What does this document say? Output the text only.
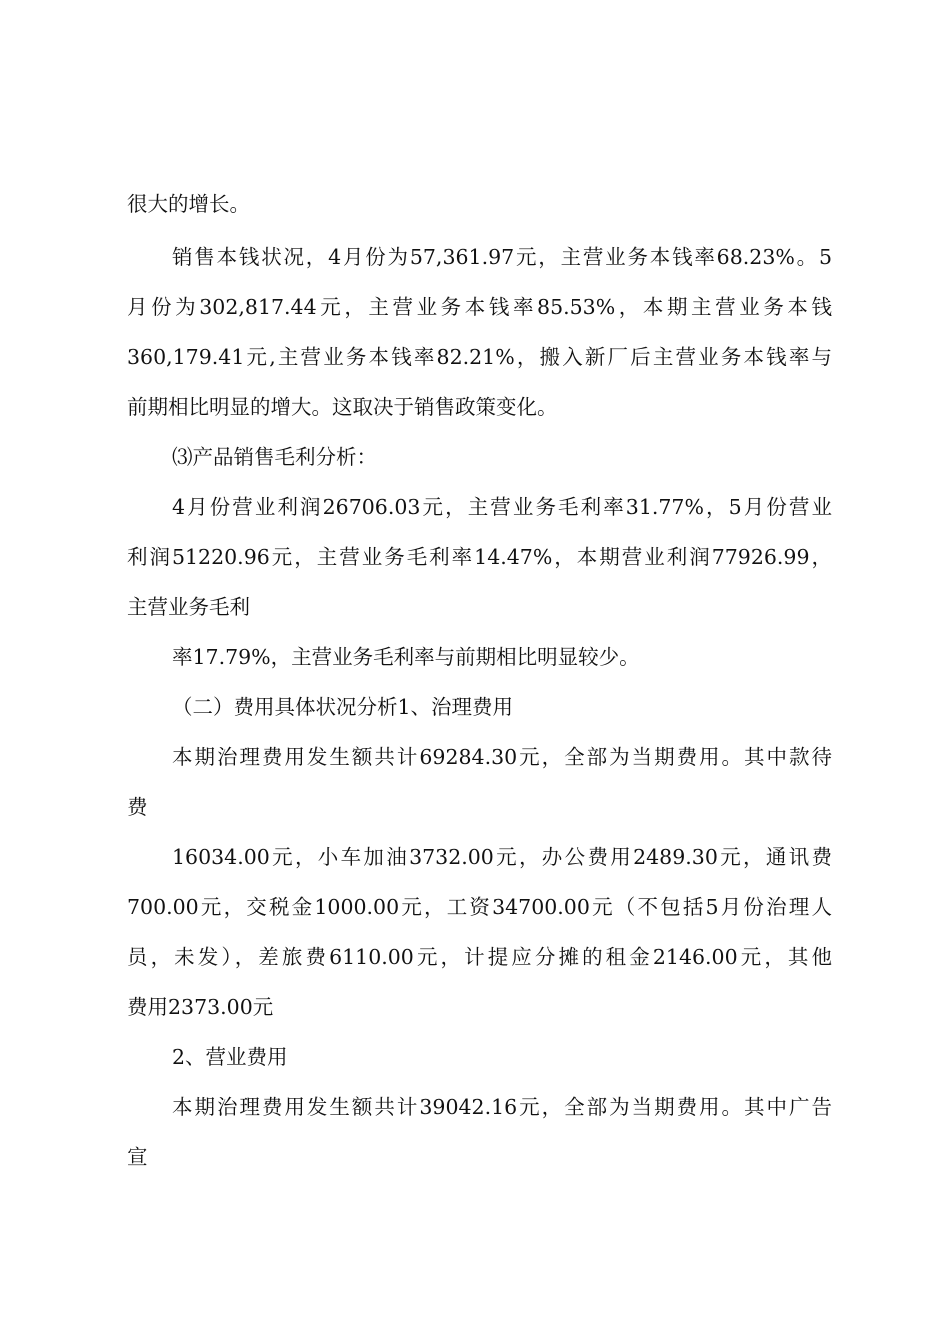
很大的增长。
销售本钱状况，4月份为57,361.97元，主营业务本钱率68.23%。5
月份为302,817.44元，主营业务本钱率85.53%，本期主营业务本钱
360,179.41元,主营业务本钱率82.21%，搬入新厂后主营业务本钱率与
前期相比明显的增大。这取决于销售政策变化。
⑶产品销售毛利分析：
4月份营业利润26706.03元，主营业务毛利率31.77%，5月份营业
利润51220.96元，主营业务毛利率14.47%，本期营业利润77926.99，
主营业务毛利
率17.79%，主营业务毛利率与前期相比明显较少。
（二）费用具体状况分析1、治理费用
本期治理费用发生额共计69284.30元，全部为当期费用。其中款待
费
16034.00元，小车加油3732.00元，办公费用2489.30元，通讯费
700.00元，交税金1000.00元，工资34700.00元（不包括5月份治理人
员，未发），差旅费6110.00元，计提应分摊的租金2146.00元，其他
费用2373.00元
2、营业费用
本期治理费用发生额共计39042.16元，全部为当期费用。其中广告
宣
